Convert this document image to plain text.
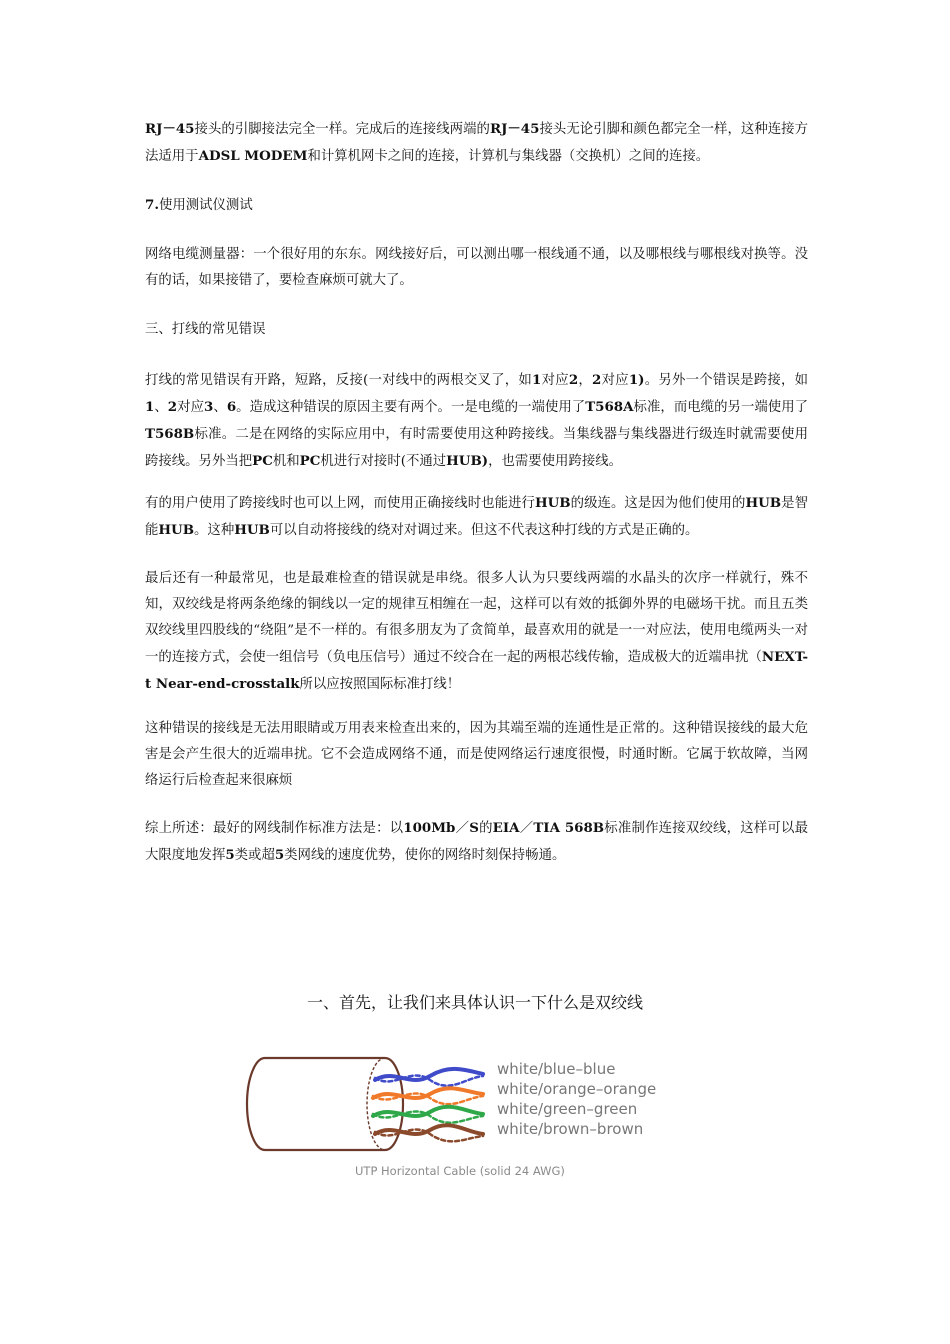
RJ－45接头的引脚接法完全一样。完成后的连接线两端的RJ－45接头无论引脚和颜色都完全一样，这种连接方法适用于ADSL MODEM和计算机网卡之间的连接，计算机与集线器（交换机）之间的连接。

7.使用测试仪测试

网络电缆测量器：一个很好用的东东。网线接好后，可以测出哪一根线通不通，以及哪根线与哪根线对换等。没有的话，如果接错了，要检查麻烦可就大了。

三、打线的常见错误

打线的常见错误有开路，短路，反接(一对线中的两根交叉了，如1对应2，2对应1)。另外一个错误是跨接，如1、2对应3、6。造成这种错误的原因主要有两个。一是电缆的一端使用了T568A标准，而电缆的另一端使用了T568B标准。二是在网络的实际应用中，有时需要使用这种跨接线。当集线器与集线器进行级连时就需要使用跨接线。另外当把PC机和PC机进行对接时(不通过HUB)，也需要使用跨接线。

有的用户使用了跨接线时也可以上网，而使用正确接线时也能进行HUB的级连。这是因为他们使用的HUB是智能HUB。这种HUB可以自动将接线的绕对对调过来。但这不代表这种打线的方式是正确的。

最后还有一种最常见，也是最难检查的错误就是串绕。很多人认为只要线两端的水晶头的次序一样就行，殊不知，双绞线是将两条绝缘的铜线以一定的规律互相缠在一起，这样可以有效的抵御外界的电磁场干扰。而且五类双绞线里四股线的“绕阻”是不一样的。有很多朋友为了贪简单，最喜欢用的就是一一对应法，使用电缆两头一对一的连接方式，会使一组信号（负电压信号）通过不绞合在一起的两根芯线传输，造成极大的近端串扰（NEXT- t Near-end-crosstalk所以应按照国际标准打线！

这种错误的接线是无法用眼睛或万用表来检查出来的，因为其端至端的连通性是正常的。这种错误接线的最大危害是会产生很大的近端串扰。它不会造成网络不通，而是使网络运行速度很慢，时通时断。它属于软故障，当网络运行后检查起来很麻烦

综上所述：最好的网线制作标准方法是：以100Mb／S的EIA／TIA 568B标准制作连接双绞线，这样可以最大限度地发挥5类或超5类网线的速度优势，使你的网络时刻保持畅通。

一、首先，让我们来具体认识一下什么是双绞线
white/blue–blue
white/orange–orange
white/green–green
white/brown–brown
UTP Horizontal Cable (solid 24 AWG)
